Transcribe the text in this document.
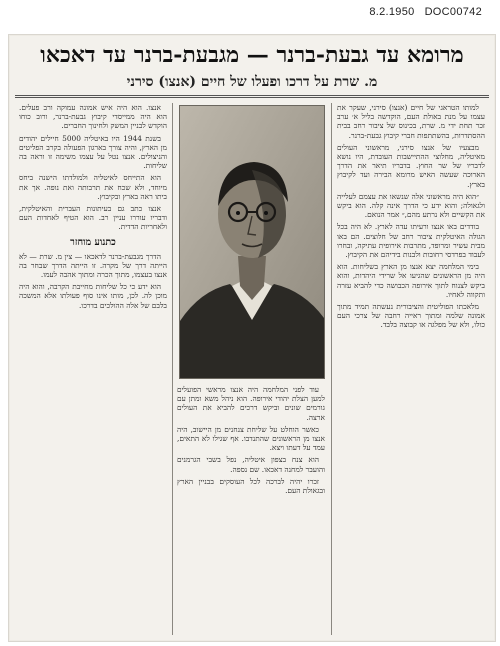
8.2.1950 DOC00742
מרומא עד גבעת-ברנר — מגבעת-ברנר עד דאכאו
מ. שרת על דרכו ופעלו של חיים (אנצו) סירני

למותו הטראגי של חיים (אנצו) סירני, שעקר את עצמו על מנת באולת העם, הוקדשה בליל א׳ ערב זכר תחת ידי מ. שרת, בכינוס של ציבור רחב בבית ההסתדרות, בהשתתפות חברי קיבוץ גבעת-ברנר.

מבצעיו של אנצו סירני, מראשוני העולים מאיטליה, מחלוצי ההתיישבות העובדת, היו נושא לדבריו של שר החוץ. בדבריו תיאר את הדרך הארוכה שעשה האיש מרומא הבירה ועד לקיבוץ בארץ.

״הוא היה מראשוני אלה שנשאו את עצמם לעלייה ולגאולה; והוא ידע כי הדרך אינה קלה. הוא ביקש את הקשיים ולא נרתע מהם,״ אמר הנואם.

בודדים באו אנצו ורעיתו עדה לארץ. לא היה בכל הגולה האיטלקית ציבור רחב של חלוצים. הם באו מבית עשיר ומרופד, מתרבות אירופית עתיקה, ובחרו לעבוד בפרדסי רחובות ולבנות בידיהם את הקיבוץ.

בימי המלחמה יצא אנצו מן הארץ בשליחות. הוא היה מן הראשונים שהגיעו אל שרידי היהדות, והוא ביקש לצנוח לתוך אירופה הכבושה כדי להביא עזרה ותקווה לאחיו.

מלאכתו הפוליטית והציבורית נעשתה תמיד מתוך אמונה שלמה ומתוך ראייה רחבה של צרכי העם כולו, ולא של מפלגה או קבוצה בלבד.

עוד לפני המלחמה היה אנצו מראשי הפועלים למען הצלת יהודי אירופה. הוא ניהל משא ומתן עם גורמים שונים וביקש דרכים להביא את העולים ארצה.

כאשר הוחלט על שליחת צנחנים מן היישוב, היה אנצו מן הראשונים שהתנדבו. אף שגילו לא התאים, עמד על דעתו ויצא.

הוא צנח בצפון איטליה, נפל בשבי הגרמנים והועבר למחנה דאכאו. שם נספה.

זכרו יהיה לברכה לכל העוסקים בבניין הארץ ובגאולת העם.

אנצו. הוא היה איש אמונה עמוקה ורב פעלים. הוא היה ממייסדי קיבוץ גבעת-ברנר, ורוב כוחו הוקדש לבניין המשק ולחינוך החברים.

בשנת 1944 היו באיטליה 5000 חיילים יהודים מן הארץ, והיה צורך בארגון הפעולה בקרב הפליטים והניצולים. אנצו נטל על עצמו משימה זו וראה בה שליחות.

הוא התייחס לאיטליה ולמולדתו הישנה ביחס מיוחד, ולא שכח את תרבותה ואת נופה. אך את ביתו ראה בארץ ובקיבוץ.

אנצו כתב גם בעיתונות העברית והאיטלקית, ודבריו עוררו עניין רב. הוא הטיף לאחדות העם ולאחריות הדדית.

כתנוע מוחזר

הדרך מגבעת-ברנר לדאכאו — צין מ. שרת — לא הייתה דרך של מקרה. זו הייתה הדרך שבחר בה אנצו בעצמו, מתוך הכרה ומתוך אהבה לעמו.

הוא ידע כי כל שליחות מחייבת הקרבה, והוא היה מוכן לה. לכן, מותו אינו סוף פעולתו אלא המשכה בלבם של אלה ההולכים בדרכו.
